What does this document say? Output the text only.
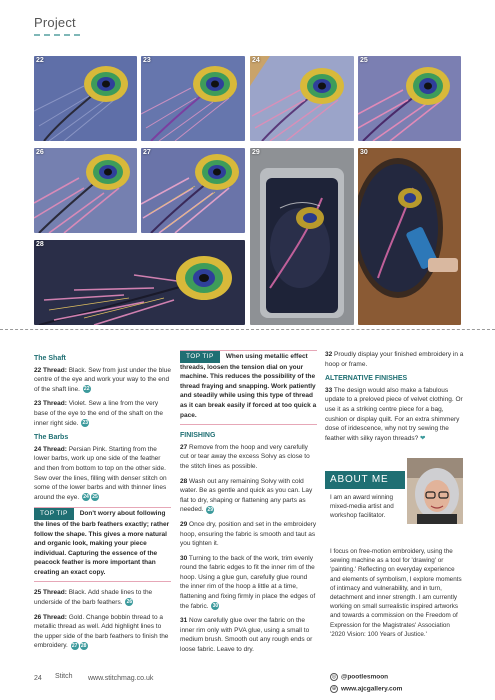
Project
22	23	24	25
26	27	29	30
28
The Shaft

22 Thread: Black. Sew from just under the blue centre of the eye and work your way to the end of the shaft line. 22

23 Thread: Violet. Sew a line from the very base of the eye to the end of the shaft on the inner right side. 23

The Barbs

24 Thread: Persian Pink. Starting from the lower barbs, work up one side of the feather and then from bottom to top on the other side. Sew over the lines, filling with denser stitch on some of the lower barbs and with thinner lines around the eye. 24 25

TOP TIP Don't worry about following the lines of the barb feathers exactly; rather follow the shape. This gives a more natural and organic look, making your piece individual. Capturing the essence of the peacock feather is more important than creating an exact copy.

25 Thread: Black. Add shade lines to the underside of the barb feathers. 26

26 Thread: Gold. Change bobbin thread to a metallic thread as well. Add highlight lines to the upper side of the barb feathers to finish the embroidery. 27 28

TOP TIP When using metallic effect threads, loosen the tension dial on your machine. This reduces the possibility of the thread fraying and snapping. Work patiently and steadily while using this type of thread as it can break easily if forced at too quick a pace.
FINISHING

27 Remove from the hoop and very carefully cut or tear away the excess Solvy as close to the stitch lines as possible.

28 Wash out any remaining Solvy with cold water. Be as gentle and quick as you can. Lay flat to dry, shaping or flattening any parts as needed. 29

29 Once dry, position and set in the embroidery hoop, ensuring the fabric is smooth and taut as you tighten it.

30 Turning to the back of the work, trim evenly round the fabric edges to fit the inner rim of the hoop. Using a glue gun, carefully glue round the inner rim of the hoop a little at a time, flattening and fixing firmly in place the edges of the fabric. 30

31 Now carefully glue over the fabric on the inner rim only with PVA glue, using a small to medium brush. Smooth out any rough ends or loose fabric. Leave to dry.

32 Proudly display your finished embroidery in a hoop or frame.

ALTERNATIVE FINISHES

33 The design would also make a fabulous update to a preloved piece of velvet clothing. Or use it as a striking centre piece for a bag, cushion or display quilt. For an extra shimmery dose of iridescence, why not try sewing the feather with silky rayon threads? ❤

ABOUT ME
I am an award winning mixed-media artist and workshop facilitator.
I focus on free-motion embroidery, using the sewing machine as a tool for 'drawing' or 'painting.' Reflecting on everyday experience and elements of symbolism, I explore moments of intimacy and vulnerability, and in turn, detachment and inner strength. I am currently working on small surrealistic inspired artworks and towards a commission on the Freedom of Expression for the Magistrates' Association '2020 Vision: 100 Years of Justice.'
◎ @pootlesmoon
⊕ www.ajcgallery.com
24 Stitch www.stitchmag.co.uk
